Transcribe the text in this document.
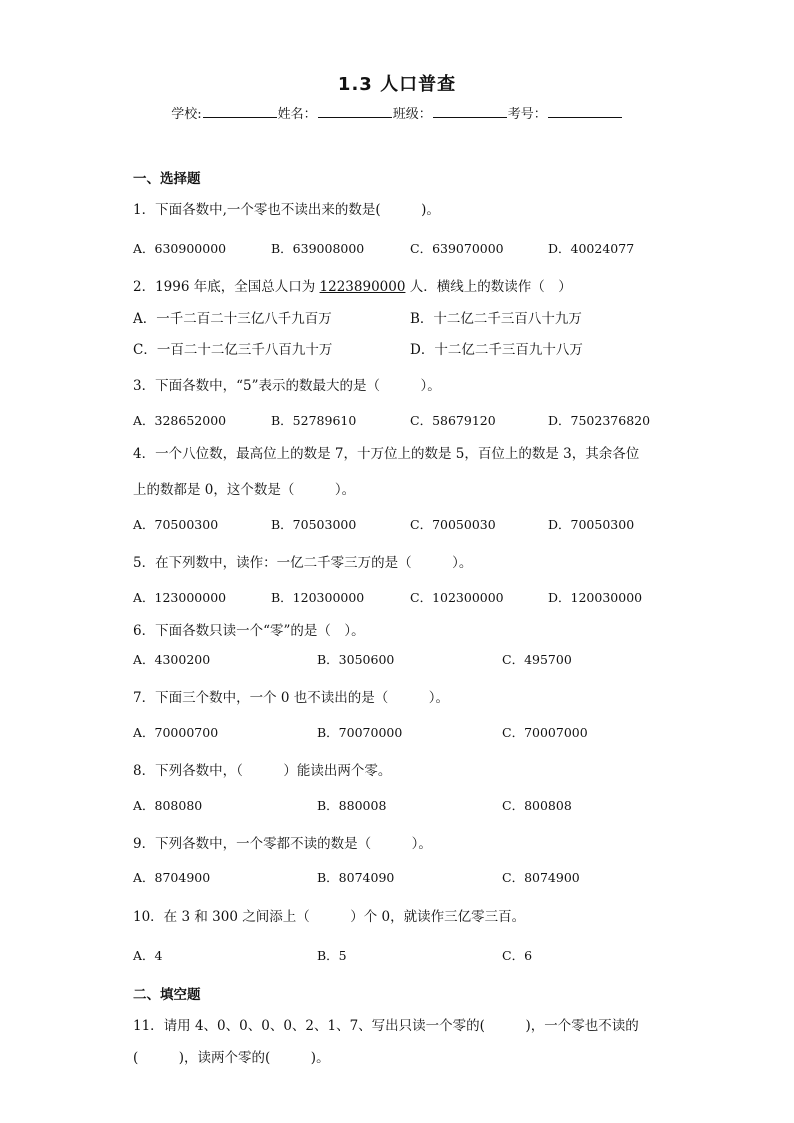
1.3 人口普查
学校:	姓名：	班级：	考号：
一、选择题
1．下面各数中,一个零也不读出来的数是(　　　)。
A．630900000	B．639008000	C．639070000	D．40024077
2．1996 年底，全国总人口为 1223890000 人．横线上的数读作（　）
A．一千二百二十三亿八千九百万	B．十二亿二千三百八十九万
C．一百二十二亿三千八百九十万	D．十二亿二千三百九十八万
3．下面各数中，“5”表示的数最大的是（　　　）。
A．328652000	B．52789610	C．58679120	D．7502376820
4．一个八位数，最高位上的数是 7，十万位上的数是 5，百位上的数是 3，其余各位
上的数都是 0，这个数是（　　　）。
A．70500300	B．70503000	C．70050030	D．70050300
5．在下列数中，读作：一亿二千零三万的是（　　　）。
A．123000000	B．120300000	C．102300000	D．120030000
6．下面各数只读一个“零”的是（　）。
A．4300200	B．3050600	C．495700
7．下面三个数中，一个 0 也不读出的是（　　　）。
A．70000700	B．70070000	C．70007000
8．下列各数中，（　　　）能读出两个零。
A．808080	B．880008	C．800808
9．下列各数中，一个零都不读的数是（　　　）。
A．8704900	B．8074090	C．8074900
10．在 3 和 300 之间添上（　　　）个 0，就读作三亿零三百。
A．4	B．5	C．6
二、填空题
11．请用 4、0、0、0、0、2、1、7、写出只读一个零的(　　　)，一个零也不读的
(　　　)，读两个零的(　　　)。
